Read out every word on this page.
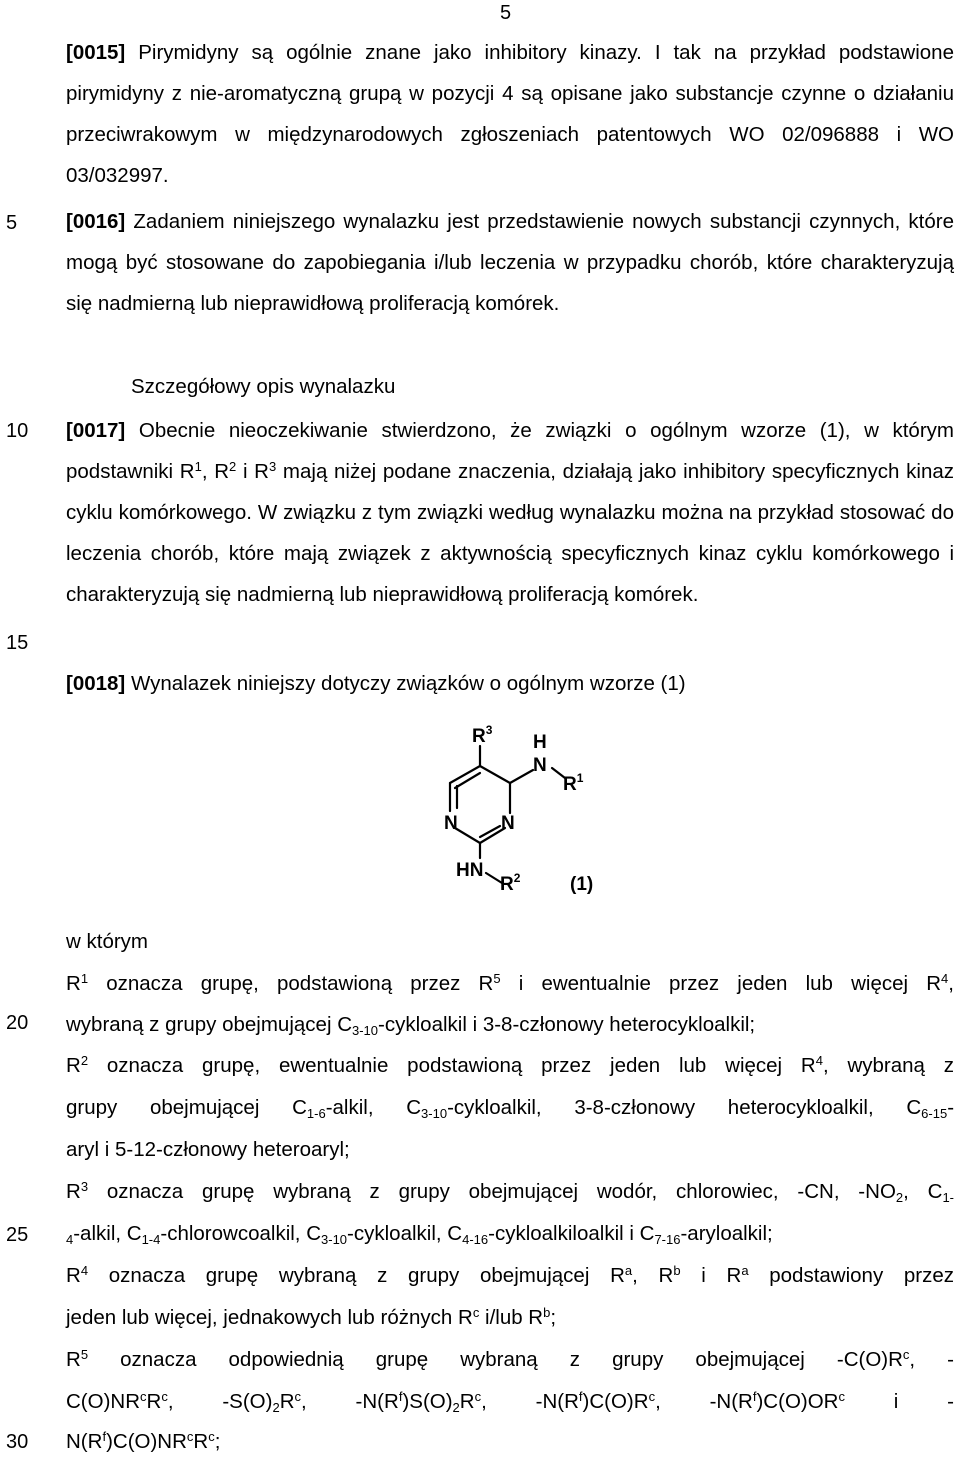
5
5
10
15
20
25
30
[0015] Pirymidyny są ogólnie znane jako inhibitory kinazy. I tak na przykład podstawione pirymidyny z nie-aromatyczną grupą w pozycji 4 są opisane jako substancje czynne o działaniu przeciwrakowym w międzynarodowych zgłoszeniach patentowych WO 02/096888 i WO 03/032997.
[0016] Zadaniem niniejszego wynalazku jest przedstawienie nowych substancji czynnych, które mogą być stosowane do zapobiegania i/lub leczenia w przypadku chorób, które charakteryzują się nadmierną lub nieprawidłową proliferacją komórek.
Szczegółowy opis wynalazku
[0017] Obecnie nieoczekiwanie stwierdzono, że związki o ogólnym wzorze (1), w którym podstawniki $R^1$, $R^2$ i $R^3$ mają niżej podane znaczenia, działają jako inhibitory specyficznych kinaz cyklu komórkowego. W związku z tym związki według wynalazku można na przykład stosować do leczenia chorób, które mają związek z aktywnością specyficznych kinaz cyklu komórkowego i charakteryzują się nadmierną lub nieprawidłową proliferacją komórek.
[0018] Wynalazek niniejszy dotyczy związków o ogólnym wzorze (1)
$R^3$
H
N
$R^1$
N N
HN
$R^2$	(1)
w którym
$R^1$ oznacza grupę, podstawioną przez $R^5$ i ewentualnie przez jeden lub więcej $R^4$,
wybraną z grupy obejmującej $C_{3-10}$-cykloalkil i 3-8-członowy heterocykloalkil;
$R^2$ oznacza grupę, ewentualnie podstawioną przez jeden lub więcej $R^4$, wybraną z
grupy obejmującej $C_{1-6}$-alkil, $C_{3-10}$-cykloalkil, 3-8-członowy heterocykloalkil, $C_{6-15}-$
aryl i 5-12-członowy heteroaryl;
$R^3$ oznacza grupę wybraną z grupy obejmującej wodór, chlorowiec, -CN, $-NO_2$, $C_{1-}$
$_4$-alkil, $C_{1-4}$-chlorowcoalkil, $C_{3-10}$-cykloalkil, $C_{4-16}$-cykloalkiloalkil i $C_{7-16}$-aryloalkil;
$R^4$ oznacza grupę wybraną z grupy obejmującej $R^a$, $R^b$ i $R^a$ podstawiony przez
jeden lub więcej, jednakowych lub różnych $R^c$ i/lub $R^b$;
$R^5$ oznacza odpowiednią grupę wybraną z grupy obejmującej $-C(O)R^c$, -
$C(O)NR^cR^c$, $-S(O)_2R^c$, $-N(R^f)S(O)_2R^c$, $-N(R^f)C(O)R^c$, $-N(R^f)C(O)OR^c$ i -
$N(R^f)C(O)NR^cR^c$;
